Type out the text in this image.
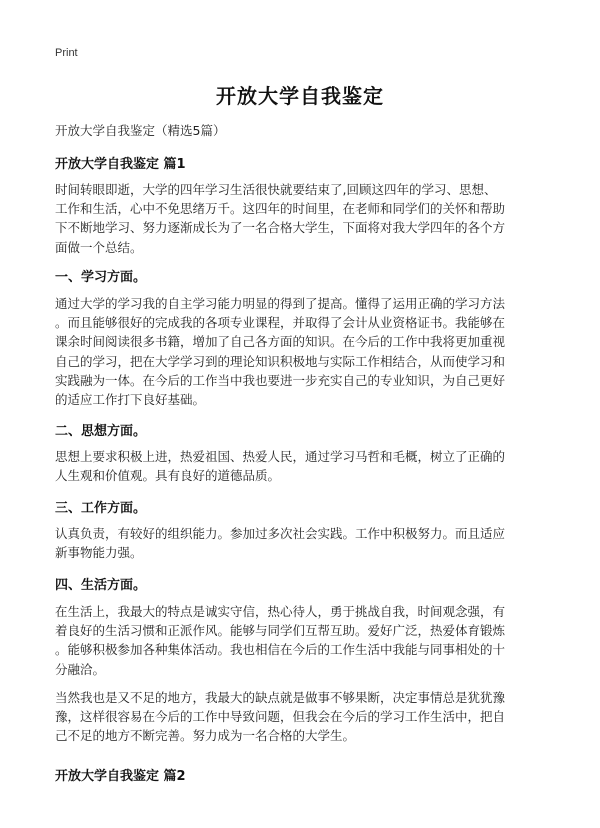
Print
开放大学自我鉴定
开放大学自我鉴定（精选5篇）
开放大学自我鉴定 篇1
时间转眼即逝，大学的四年学习生活很快就要结束了,回顾这四年的学习、思想、
工作和生活，心中不免思绪万千。这四年的时间里，在老师和同学们的关怀和帮助
下不断地学习、努力逐渐成长为了一名合格大学生，下面将对我大学四年的各个方
面做一个总结。
一、学习方面。
通过大学的学习我的自主学习能力明显的得到了提高。懂得了运用正确的学习方法
。而且能够很好的完成我的各项专业课程，并取得了会计从业资格证书。我能够在
课余时间阅读很多书籍，增加了自己各方面的知识。在今后的工作中我将更加重视
自己的学习，把在大学学习到的理论知识积极地与实际工作相结合，从而使学习和
实践融为一体。在今后的工作当中我也要进一步充实自己的专业知识，为自己更好
的适应工作打下良好基础。
二、思想方面。
思想上要求积极上进，热爱祖国、热爱人民，通过学习马哲和毛概，树立了正确的
人生观和价值观。具有良好的道德品质。
三、工作方面。
认真负责，有较好的组织能力。参加过多次社会实践。工作中积极努力。而且适应
新事物能力强。
四、生活方面。
在生活上，我最大的特点是诚实守信，热心待人，勇于挑战自我，时间观念强，有
着良好的生活习惯和正派作风。能够与同学们互帮互助。爱好广泛，热爱体育锻炼
。能够积极参加各种集体活动。我也相信在今后的工作生活中我能与同事相处的十
分融洽。
当然我也是又不足的地方，我最大的缺点就是做事不够果断，决定事情总是犹犹豫
豫，这样很容易在今后的工作中导致问题，但我会在今后的学习工作生活中，把自
己不足的地方不断完善。努力成为一名合格的大学生。
开放大学自我鉴定 篇2
